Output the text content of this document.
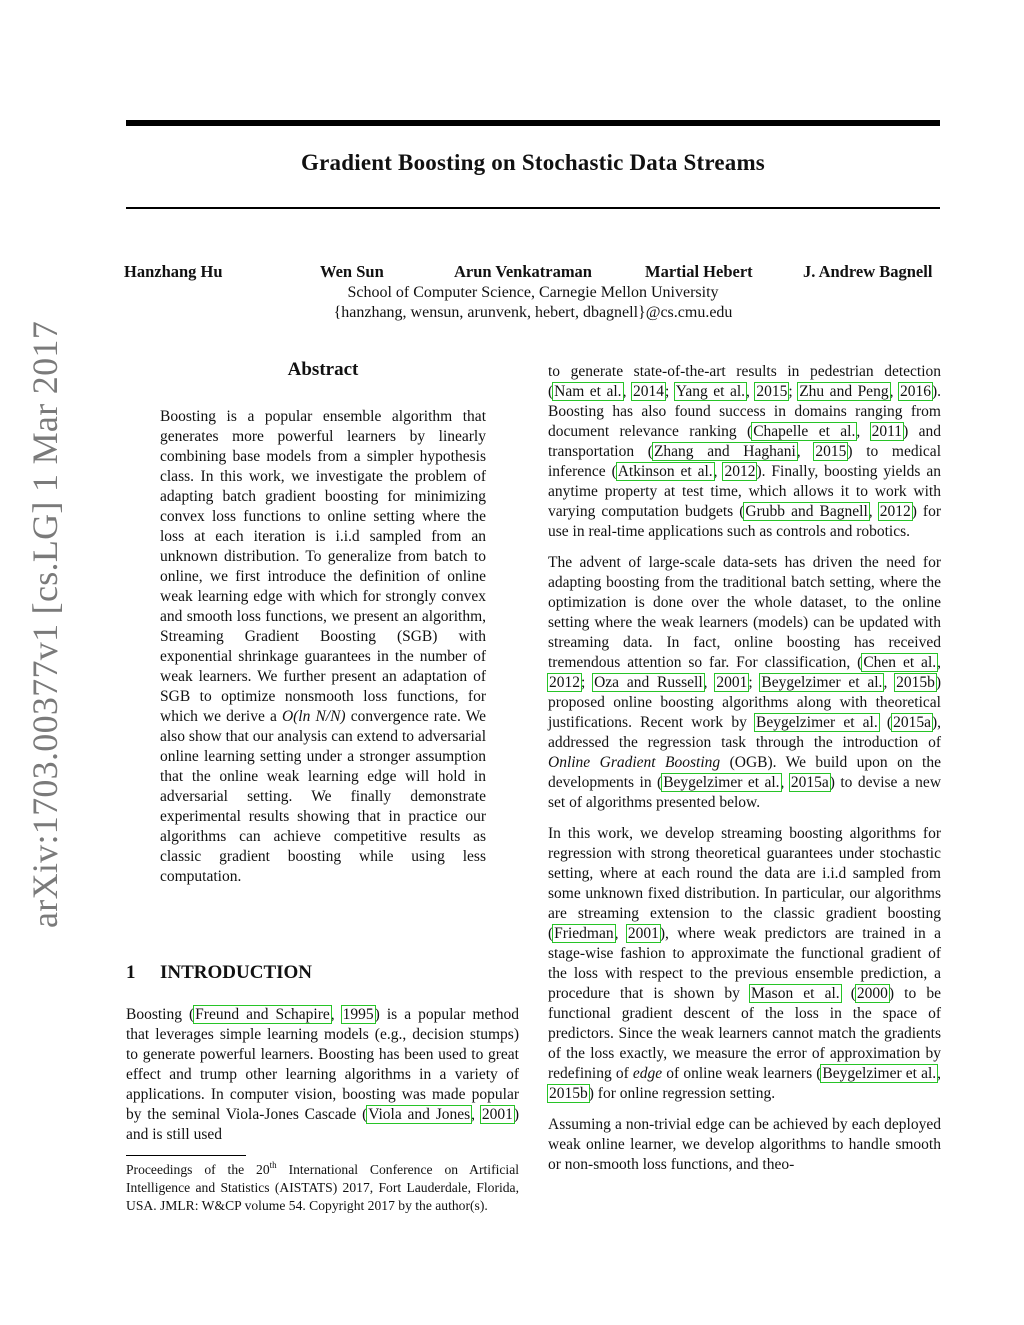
Gradient Boosting on Stochastic Data Streams
Hanzhang Hu	Wen Sun	Arun Venkatraman	Martial Hebert	J. Andrew Bagnell
School of Computer Science, Carnegie Mellon University
{hanzhang, wensun, arunvenk, hebert, dbagnell}@cs.cmu.edu
arXiv:1703.00377v1 [cs.LG] 1 Mar 2017	Abstract
Boosting is a popular ensemble algorithm that generates more powerful learners by linearly combining base models from a simpler hypothesis class. In this work, we investigate the problem of adapting batch gradient boosting for minimizing convex loss functions to online setting where the loss at each iteration is i.i.d sampled from an unknown distribution. To generalize from batch to online, we first introduce the definition of online weak learning edge with which for strongly convex and smooth loss functions, we present an algorithm, Streaming Gradient Boosting (SGB) with exponential shrinkage guarantees in the number of weak learners. We further present an adaptation of SGB to optimize nonsmooth loss functions, for which we derive a O(ln N/N) convergence rate. We also show that our analysis can extend to adversarial online learning setting under a stronger assumption that the online weak learning edge will hold in adversarial setting. We finally demonstrate experimental results showing that in practice our algorithms can achieve competitive results as classic gradient boosting while using less computation.
1 INTRODUCTION

Boosting (Freund and Schapire, 1995) is a popular method that leverages simple learning models (e.g., decision stumps) to generate powerful learners. Boosting has been used to great effect and trump other learning algorithms in a variety of applications. In computer vision, boosting was made popular by the seminal Viola-Jones Cascade (Viola and Jones, 2001) and is still used

Proceedings of the 20th International Conference on Artificial Intelligence and Statistics (AISTATS) 2017, Fort Lauderdale, Florida, USA. JMLR: W&CP volume 54. Copyright 2017 by the author(s).

to generate state-of-the-art results in pedestrian detection (Nam et al., 2014; Yang et al., 2015; Zhu and Peng, 2016). Boosting has also found success in domains ranging from document relevance ranking (Chapelle et al., 2011) and transportation (Zhang and Haghani, 2015) to medical inference (Atkinson et al., 2012). Finally, boosting yields an anytime property at test time, which allows it to work with varying computation budgets (Grubb and Bagnell, 2012) for use in real-time applications such as controls and robotics.

The advent of large-scale data-sets has driven the need for adapting boosting from the traditional batch setting, where the optimization is done over the whole dataset, to the online setting where the weak learners (models) can be updated with streaming data. In fact, online boosting has received tremendous attention so far. For classification, (Chen et al., 2012; Oza and Russell, 2001; Beygelzimer et al., 2015b) proposed online boosting algorithms along with theoretical justifications. Recent work by Beygelzimer et al. (2015a), addressed the regression task through the introduction of Online Gradient Boosting (OGB). We build upon on the developments in (Beygelzimer et al., 2015a) to devise a new set of algorithms presented below.

In this work, we develop streaming boosting algorithms for regression with strong theoretical guarantees under stochastic setting, where at each round the data are i.i.d sampled from some unknown fixed distribution. In particular, our algorithms are streaming extension to the classic gradient boosting (Friedman, 2001), where weak predictors are trained in a stage-wise fashion to approximate the functional gradient of the loss with respect to the previous ensemble prediction, a procedure that is shown by Mason et al. (2000) to be functional gradient descent of the loss in the space of predictors. Since the weak learners cannot match the gradients of the loss exactly, we measure the error of approximation by redefining of edge of online weak learners (Beygelzimer et al., 2015b) for online regression setting.

Assuming a non-trivial edge can be achieved by each deployed weak online learner, we develop algorithms to handle smooth or non-smooth loss functions, and theo-
